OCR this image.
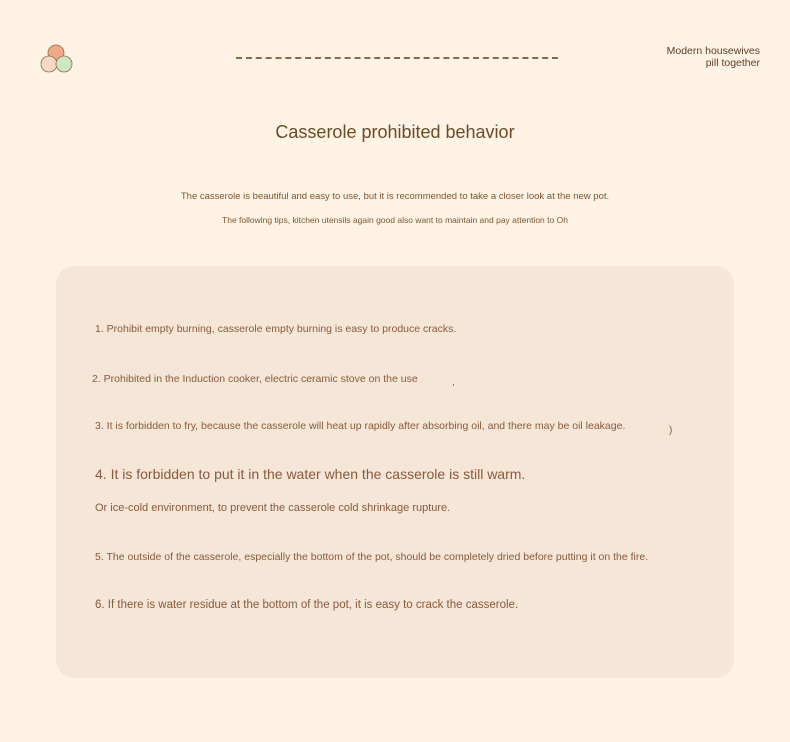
Modern housewives
pill together
Casserole prohibited behavior
The casserole is beautiful and easy to use, but it is recommended to take a closer look at the new pot.
The following tips, kitchen utensils again good also want to maintain and pay attention to Oh
1. Prohibit empty burning, casserole empty burning is easy to produce cracks.
2. Prohibited in the Induction cooker, electric ceramic stove on the use
3. It is forbidden to fry, because the casserole will heat up rapidly after absorbing oil, and there may be oil leakage.
4. It is forbidden to put it in the water when the casserole is still warm.
Or ice-cold environment, to prevent the casserole cold shrinkage rupture.
5. The outside of the casserole, especially the bottom of the pot, should be completely dried before putting it on the fire.
6. If there is water residue at the bottom of the pot, it is easy to crack the casserole.
,
)
